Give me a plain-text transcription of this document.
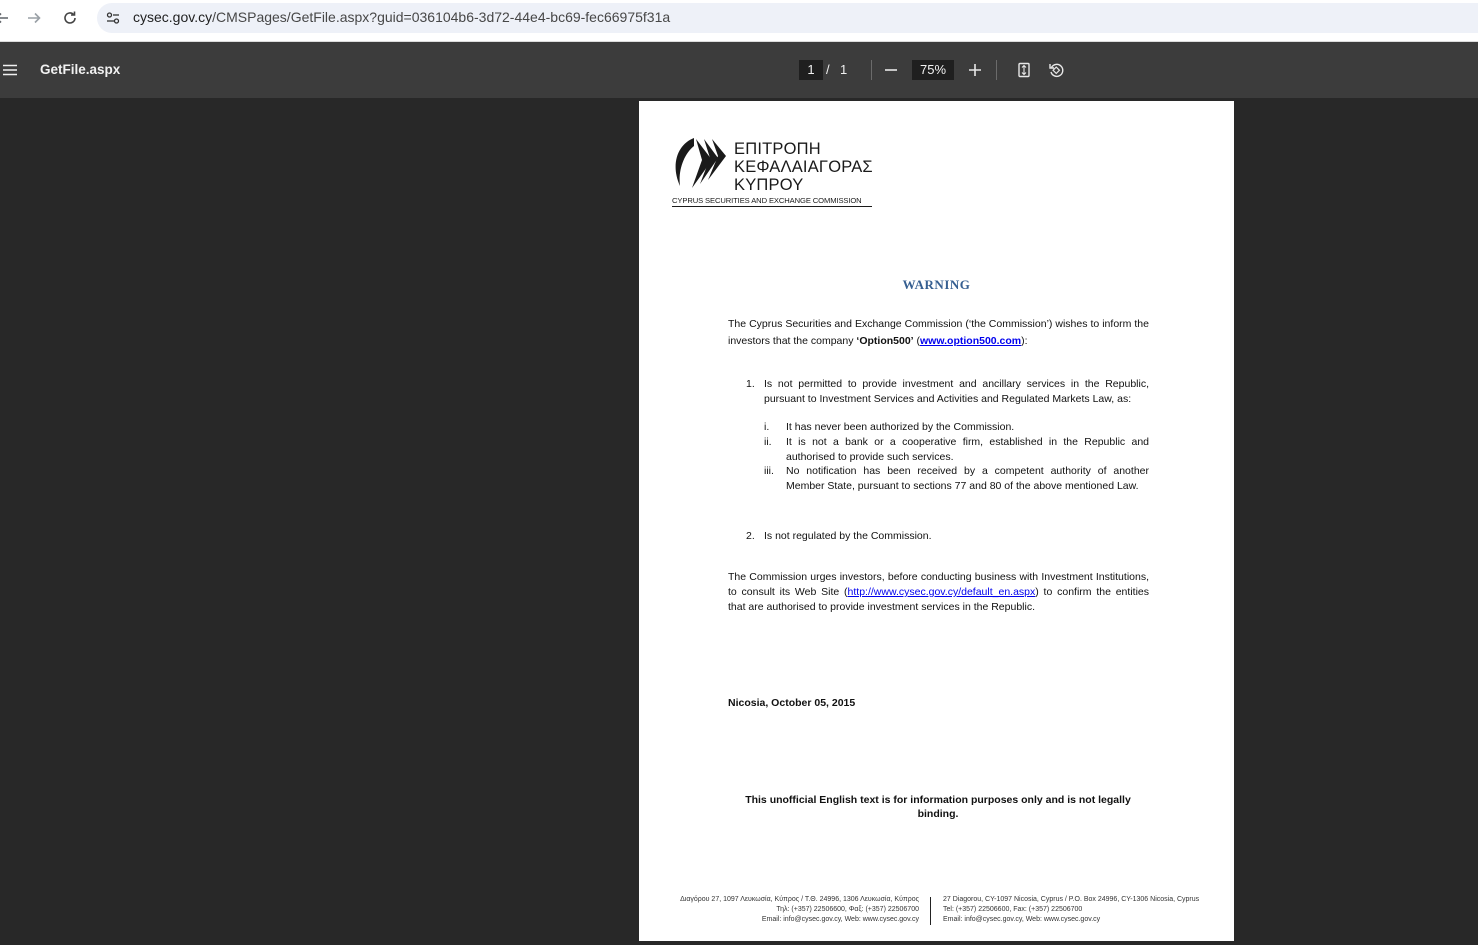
cysec.gov.cy/CMSPages/GetFile.aspx?guid=036104b6-3d72-44e4-bc69-fec66975f31a
GetFile.aspx	1 / 1	75%
ΕΠΙΤΡΟΠΗ
ΚΕΦΑΛΑΙΑΓΟΡΑΣ
ΚΥΠΡΟΥ
CYPRUS SECURITIES AND EXCHANGE COMMISSION
WARNING
The Cyprus Securities and Exchange Commission (‘the Commission’) wishes to inform the investors that the company ‘Option500’ (www.option500.com):
1. Is not permitted to provide investment and ancillary services in the Republic, pursuant to Investment Services and Activities and Regulated Markets Law, as:
i. It has never been authorized by the Commission.
ii. It is not a bank or a cooperative firm, established in the Republic and authorised to provide such services.
iii. No notification has been received by a competent authority of another Member State, pursuant to sections 77 and 80 of the above mentioned Law.
2. Is not regulated by the Commission.
The Commission urges investors, before conducting business with Investment Institutions, to consult its Web Site (http://www.cysec.gov.cy/default_en.aspx) to confirm the entities that are authorised to provide investment services in the Republic.
Nicosia, October 05, 2015
This unofficial English text is for information purposes only and is not legally binding.
Διαγόρου 27, 1097 Λευκωσία, Κύπρος / Τ.Θ. 24996, 1306 Λευκωσία, Κύπρος
Τηλ: (+357) 22506600, Φαξ: (+357) 22506700
Email: info@cysec.gov.cy, Web: www.cysec.gov.cy
27 Diagorou, CY-1097 Nicosia, Cyprus / P.O. Box 24996, CY-1306 Nicosia, Cyprus
Tel: (+357) 22506600, Fax: (+357) 22506700
Email: info@cysec.gov.cy, Web: www.cysec.gov.cy
